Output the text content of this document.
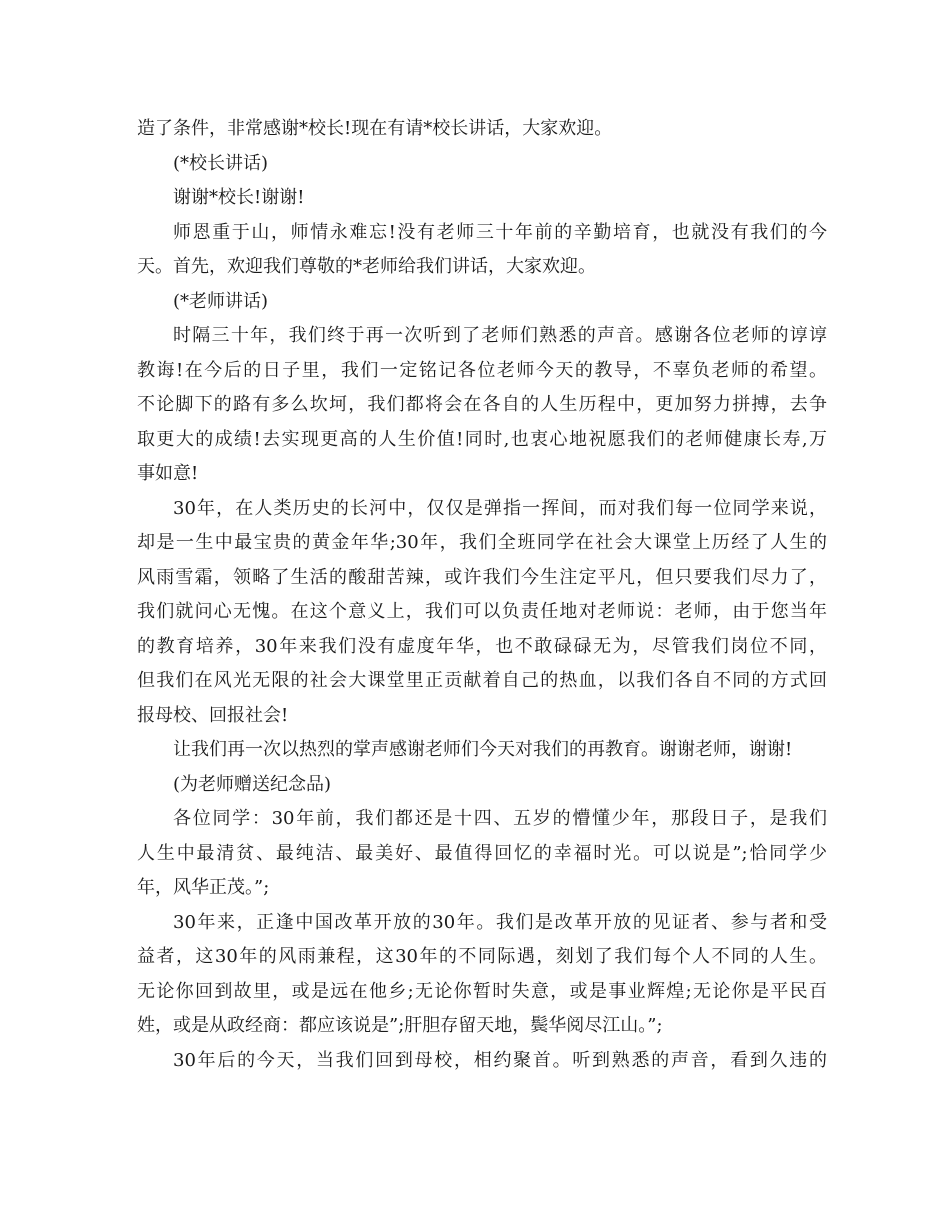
造了条件，非常感谢*校长!现在有请*校长讲话，大家欢迎。
(*校长讲话)
谢谢*校长!谢谢!
师恩重于山，师情永难忘!没有老师三十年前的辛勤培育，也就没有我们的今
天。首先，欢迎我们尊敬的*老师给我们讲话，大家欢迎。
(*老师讲话)
时隔三十年，我们终于再一次听到了老师们熟悉的声音。感谢各位老师的谆谆
教诲!在今后的日子里，我们一定铭记各位老师今天的教导，不辜负老师的希望。
不论脚下的路有多么坎坷，我们都将会在各自的人生历程中，更加努力拼搏，去争
取更大的成绩!去实现更高的人生价值!同时,也衷心地祝愿我们的老师健康长寿,万
事如意!
30年，在人类历史的长河中，仅仅是弹指一挥间，而对我们每一位同学来说，
却是一生中最宝贵的黄金年华;30年，我们全班同学在社会大课堂上历经了人生的
风雨雪霜，领略了生活的酸甜苦辣，或许我们今生注定平凡，但只要我们尽力了，
我们就问心无愧。在这个意义上，我们可以负责任地对老师说：老师，由于您当年
的教育培养，30年来我们没有虚度年华，也不敢碌碌无为，尽管我们岗位不同，
但我们在风光无限的社会大课堂里正贡献着自己的热血，以我们各自不同的方式回
报母校、回报社会!
让我们再一次以热烈的掌声感谢老师们今天对我们的再教育。谢谢老师，谢谢!
(为老师赠送纪念品)
各位同学：30年前，我们都还是十四、五岁的懵懂少年，那段日子，是我们
人生中最清贫、最纯洁、最美好、最值得回忆的幸福时光。可以说是”;恰同学少
年，风华正茂。”;
30年来，正逢中国改革开放的30年。我们是改革开放的见证者、参与者和受
益者，这30年的风雨兼程，这30年的不同际遇，刻划了我们每个人不同的人生。
无论你回到故里，或是远在他乡;无论你暂时失意，或是事业辉煌;无论你是平民百
姓，或是从政经商：都应该说是”;肝胆存留天地，鬓华阅尽江山。”;
30年后的今天，当我们回到母校，相约聚首。听到熟悉的声音，看到久违的
